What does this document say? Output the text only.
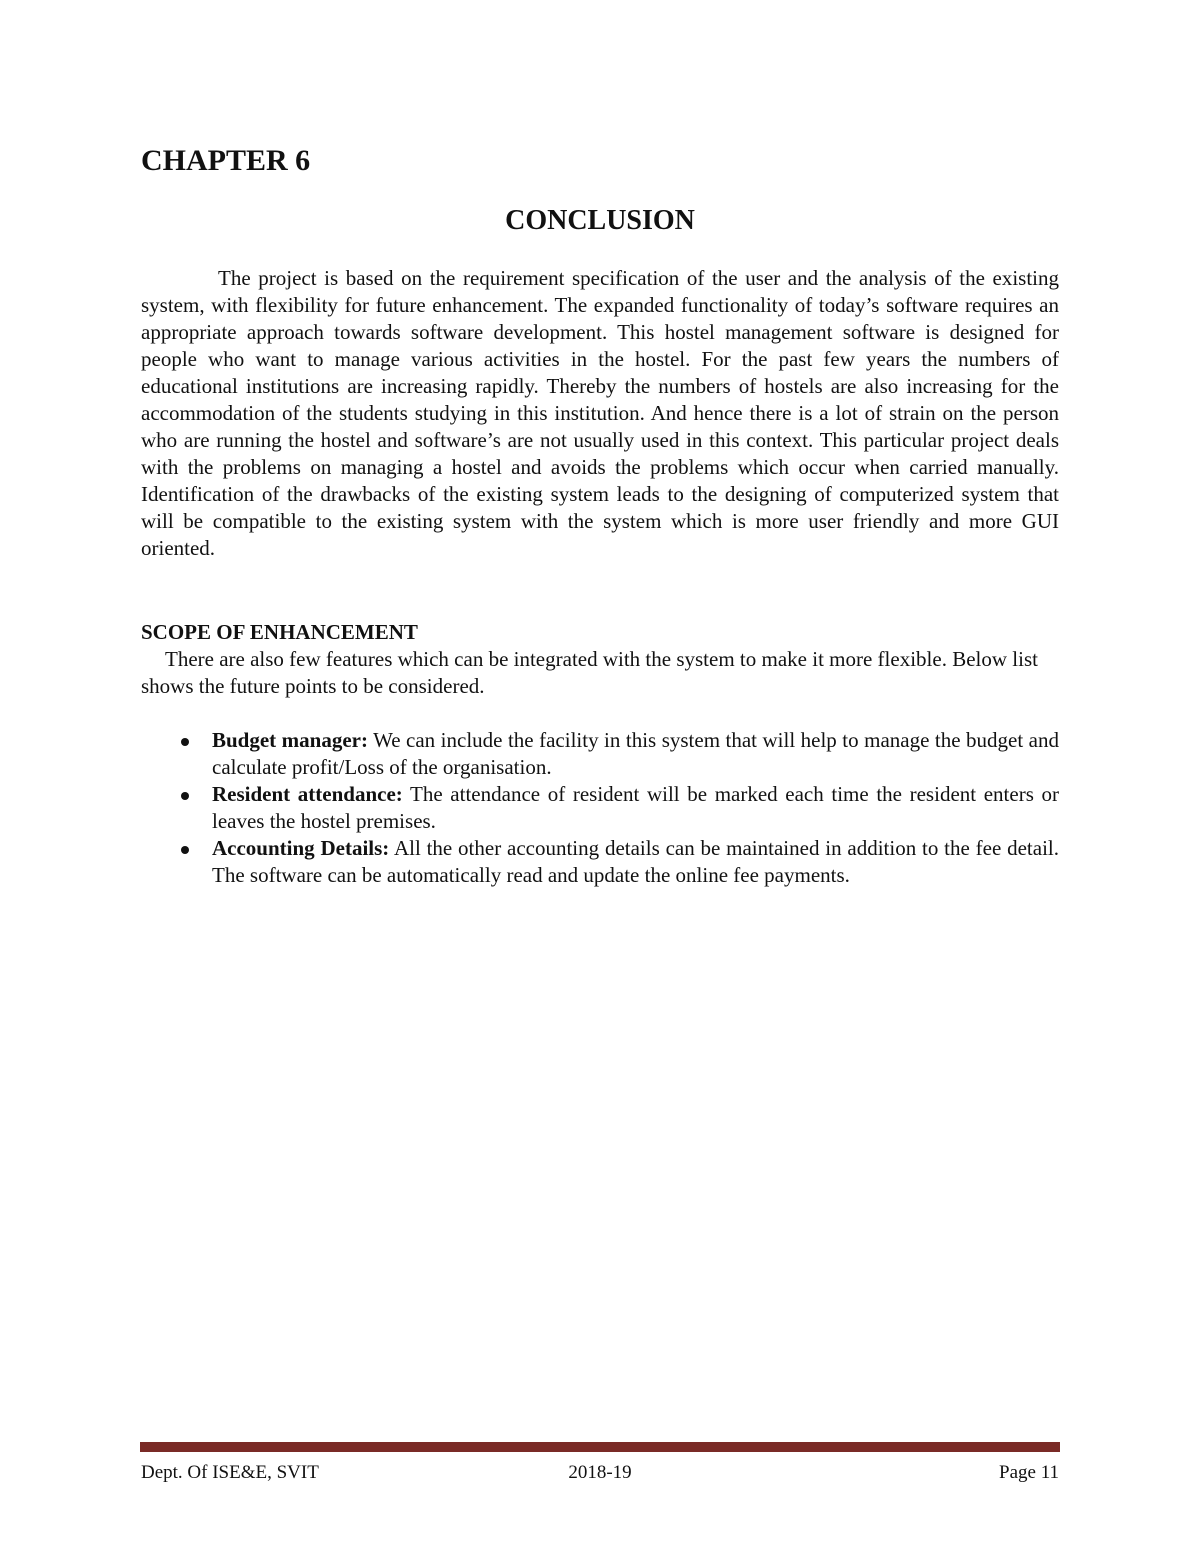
CHAPTER 6
CONCLUSION

The project is based on the requirement specification of the user and the analysis of the existing system, with flexibility for future enhancement. The expanded functionality of today’s software requires an appropriate approach towards software development. This hostel management software is designed for people who want to manage various activities in the hostel. For the past few years the numbers of educational institutions are increasing rapidly. Thereby the numbers of hostels are also increasing for the accommodation of the students studying in this institution. And hence there is a lot of strain on the person who are running the hostel and software’s are not usually used in this context. This particular project deals with the problems on managing a hostel and avoids the problems which occur when carried manually. Identification of the drawbacks of the existing system leads to the designing of computerized system that will be compatible to the existing system with the system which is more user friendly and more GUI oriented.

SCOPE OF ENHANCEMENT

There are also few features which can be integrated with the system to make it more flexible. Below list shows the future points to be considered.

Budget manager: We can include the facility in this system that will help to manage the budget and calculate profit/Loss of the organisation.
Resident attendance: The attendance of resident will be marked each time the resident enters or leaves the hostel premises.
Accounting Details: All the other accounting details can be maintained in addition to the fee detail. The software can be automatically read and update the online fee payments.
Dept. Of ISE&E, SVIT	2018-19	Page 11
